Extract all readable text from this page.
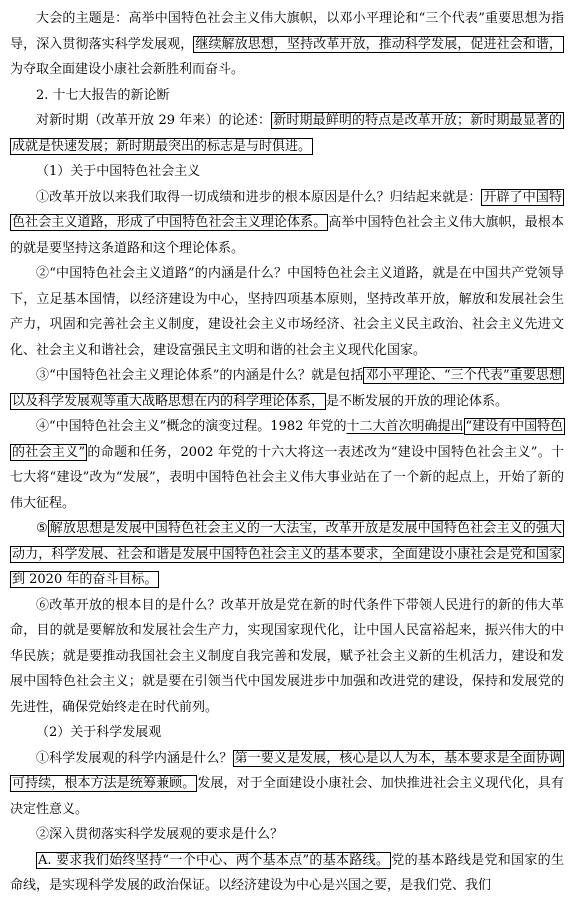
大会的主题是：高举中国特色社会主义伟大旗帜，以邓小平理论和“三个代表”重要思想为指导，深入贯彻落实科学发展观， 继续解放思想，坚持改革开放，推动科学发展，促进社会和谐，为夺取全面建设小康社会新胜利而奋斗。

2. 十七大报告的新论断

对新时期（改革开放 29 年来）的论述： 新时期最鲜明的特点是改革开放；新时期最显著的成就是快速发展；新时期最突出的标志是与时俱进。

（1）关于中国特色社会主义

①改革开放以来我们取得一切成绩和进步的根本原因是什么？归结起来就是： 开辟了中国特色社会主义道路，形成了中国特色社会主义理论体系。 高举中国特色社会主义伟大旗帜，最根本的就是要坚持这条道路和这个理论体系。

②“中国特色社会主义道路”的内涵是什么？中国特色社会主义道路，就是在中国共产党领导下，立足基本国情，以经济建设为中心，坚持四项基本原则，坚持改革开放，解放和发展社会生产力，巩固和完善社会主义制度，建设社会主义市场经济、社会主义民主政治、社会主义先进文化、社会主义和谐社会，建设富强民主文明和谐的社会主义现代化国家。

③“中国特色社会主义理论体系”的内涵是什么？就是包括 邓小平理论、“三个代表”重要思想以及科学发展观等重大战略思想在内的科学理论体系， 是不断发展的开放的理论体系。

④“中国特色社会主义”概念的演变过程。1982 年党的十二大首次明确提出 “建设有中国特色的社会主义” 的命题和任务，2002 年党的十六大将这一表述改为“建设中国特色社会主义”。十七大将“建设”改为“发展”，表明中国特色社会主义伟大事业站在了一个新的起点上，开始了新的伟大征程。

⑤ 解放思想是发展中国特色社会主义的一大法宝，改革开放是发展中国特色社会主义的强大动力，科学发展、社会和谐是发展中国特色社会主义的基本要求，全面建设小康社会是党和国家到 2020 年的奋斗目标。

⑥改革开放的根本目的是什么？改革开放是党在新的时代条件下带领人民进行的新的伟大革命，目的就是要解放和发展社会生产力，实现国家现代化，让中国人民富裕起来，振兴伟大的中华民族；就是要推动我国社会主义制度自我完善和发展，赋予社会主义新的生机活力，建设和发展中国特色社会主义；就是要在引领当代中国发展进步中加强和改进党的建设，保持和发展党的先进性，确保党始终走在时代前列。

（2）关于科学发展观

①科学发展观的科学内涵是什么？ 第一要义是发展，核心是以人为本，基本要求是全面协调可持续，根本方法是统筹兼顾。 发展，对于全面建设小康社会、加快推进社会主义现代化，具有决定性意义。

②深入贯彻落实科学发展观的要求是什么？

A. 要求我们始终坚持“一个中心、两个基本点”的基本路线。 党的基本路线是党和国家的生命线，是实现科学发展的政治保证。以经济建设为中心是兴国之要，是我们党、我们
